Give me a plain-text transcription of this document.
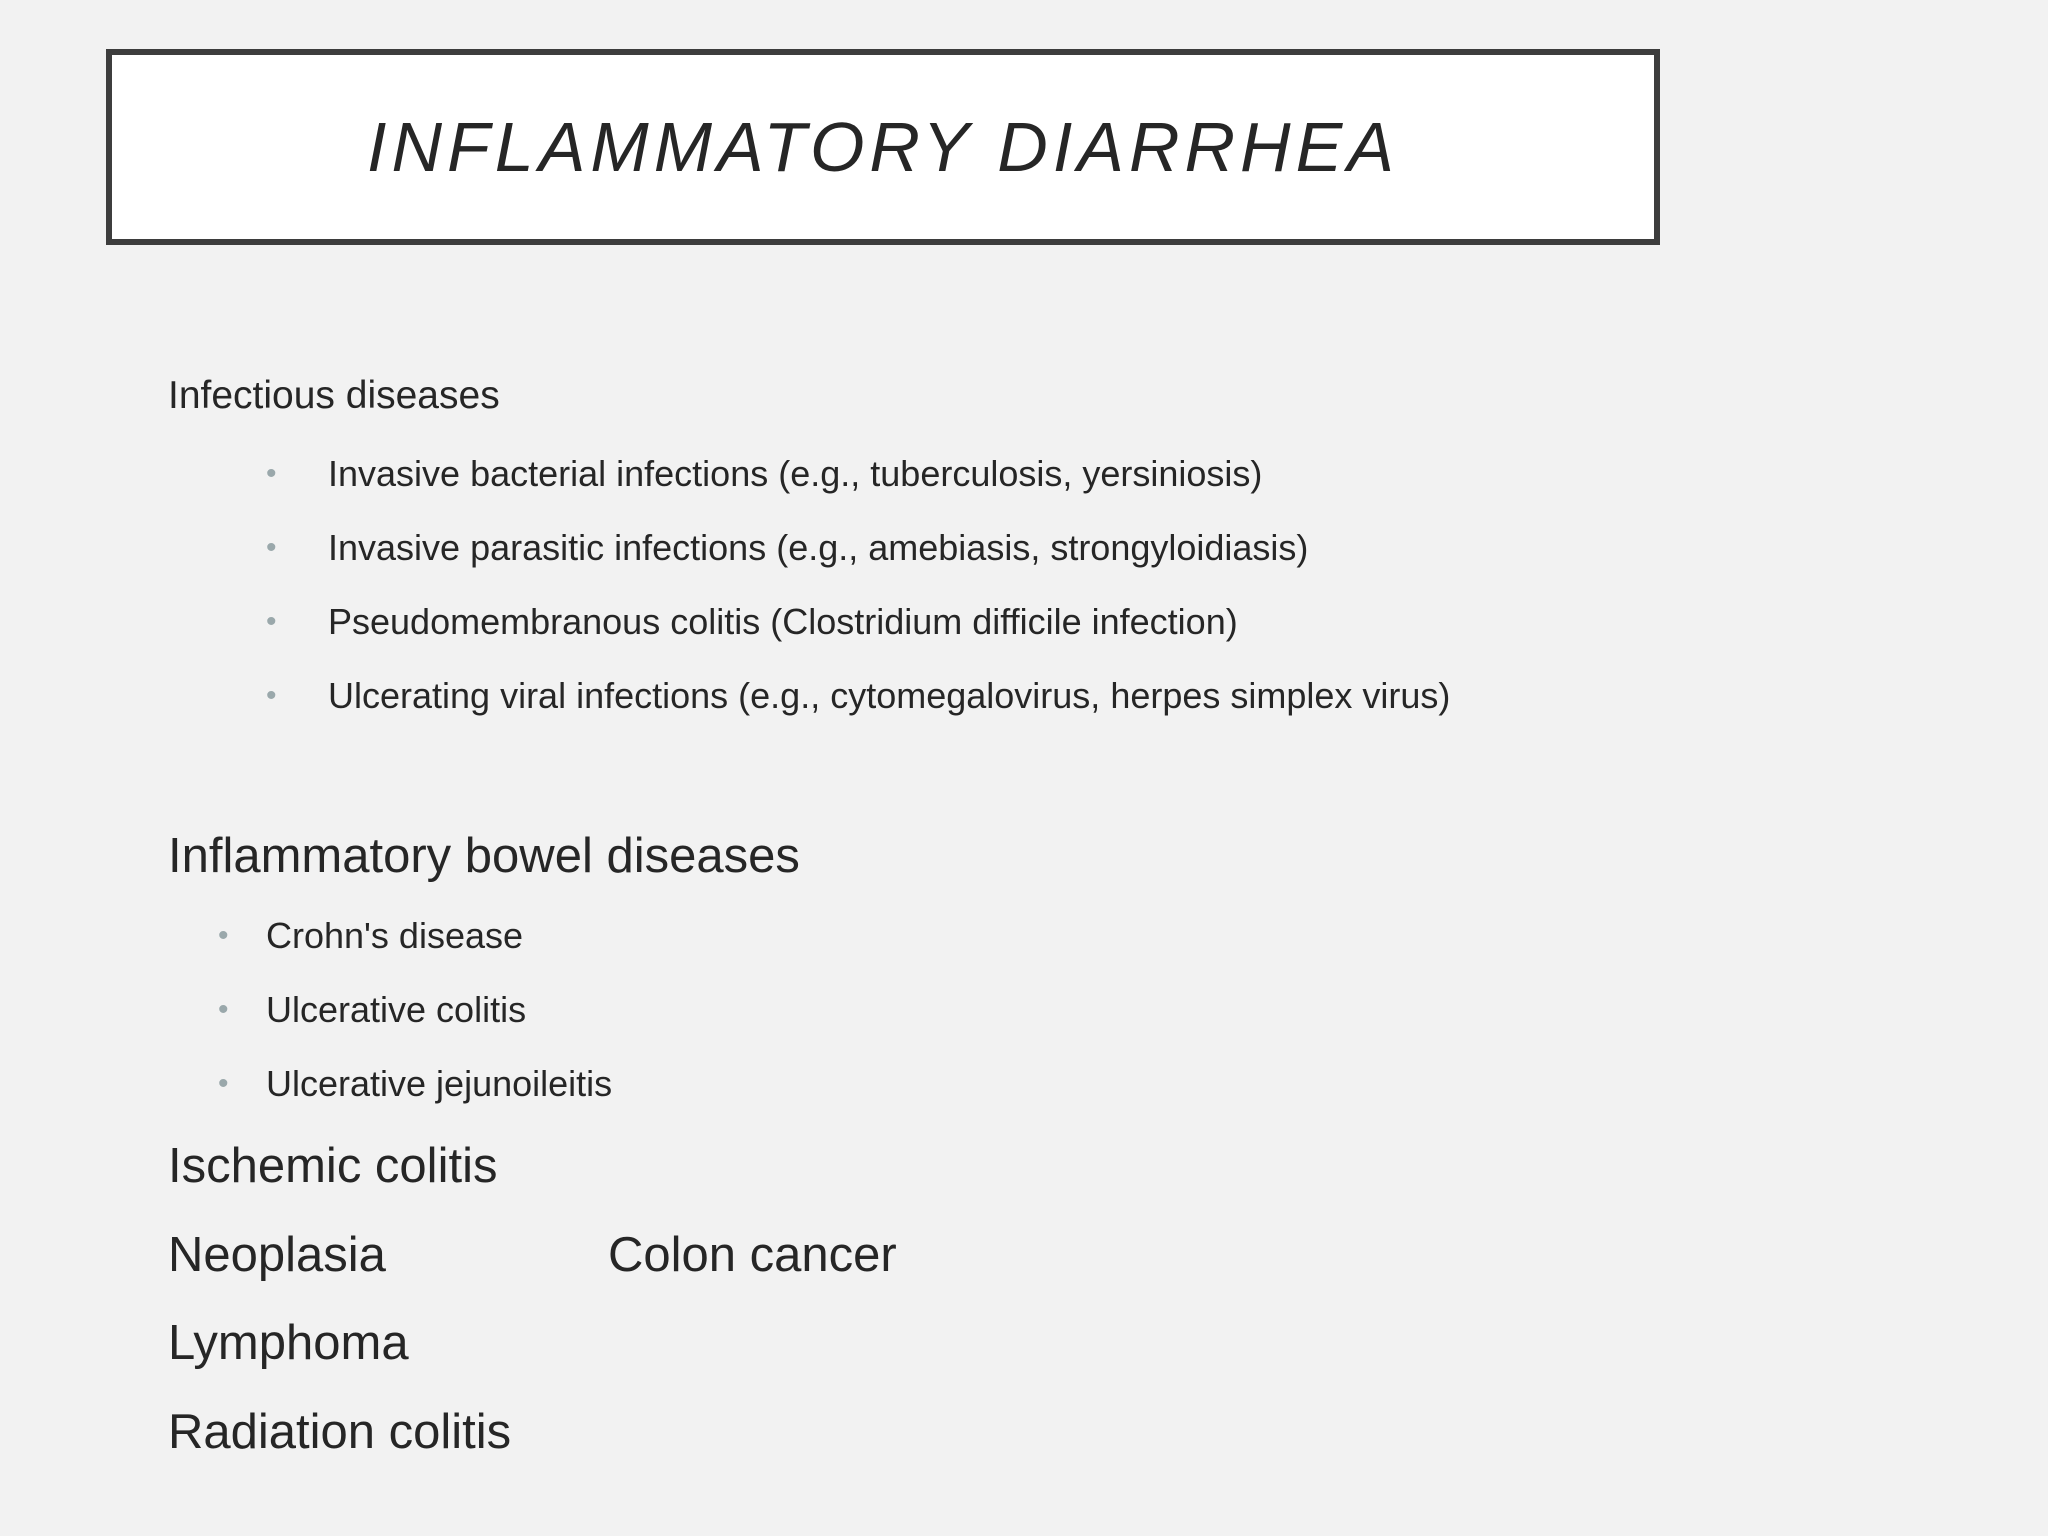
INFLAMMATORY DIARRHEA
Infectious diseases
• Invasive bacterial infections (e.g., tuberculosis, yersiniosis)
• Invasive parasitic infections (e.g., amebiasis, strongyloidiasis)
• Pseudomembranous colitis (Clostridium difficile infection)
• Ulcerating viral infections (e.g., cytomegalovirus, herpes simplex virus)
Inflammatory bowel diseases
• Crohn's disease
• Ulcerative colitis
• Ulcerative jejunoileitis
Ischemic colitis
Neoplasia	Colon cancer
Lymphoma
Radiation colitis
